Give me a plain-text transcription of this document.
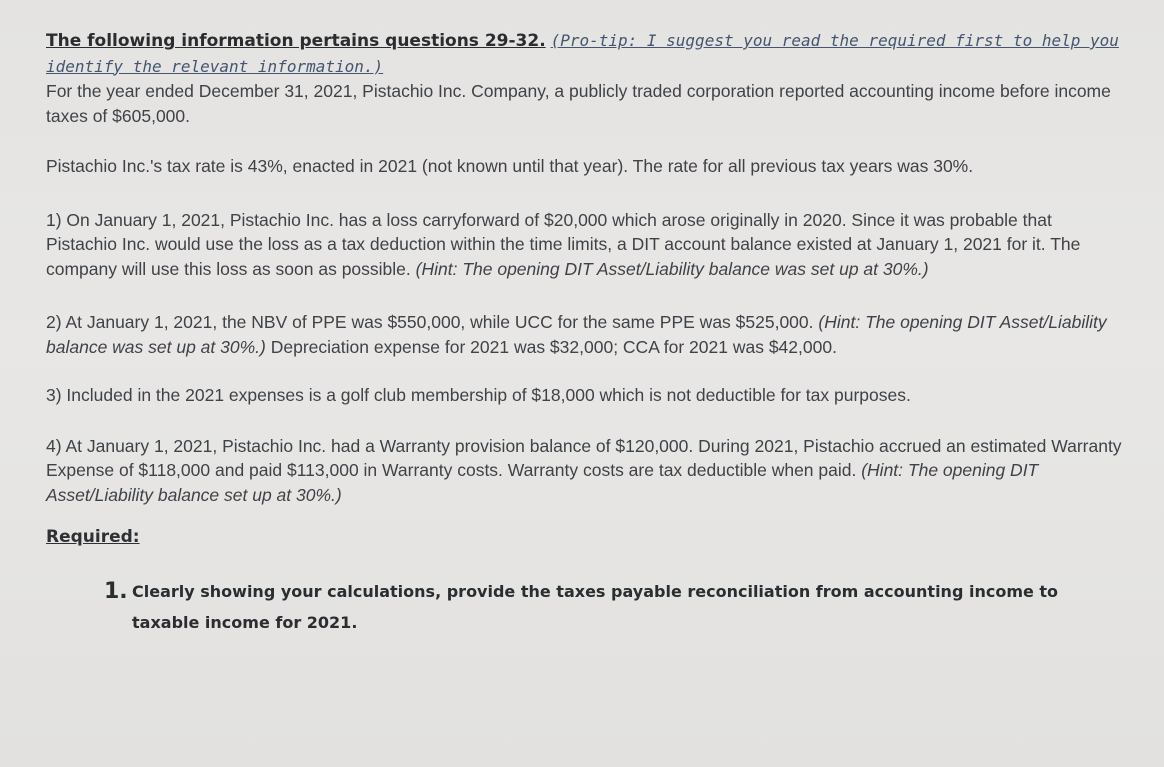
The following information pertains questions 29-32. (Pro-tip: I suggest you read the required first to help you identify the relevant information.)

For the year ended December 31, 2021, Pistachio Inc. Company, a publicly traded corporation reported accounting income before income taxes of $605,000.

Pistachio Inc.'s tax rate is 43%, enacted in 2021 (not known until that year). The rate for all previous tax years was 30%.

1) On January 1, 2021, Pistachio Inc. has a loss carryforward of $20,000 which arose originally in 2020. Since it was probable that Pistachio Inc. would use the loss as a tax deduction within the time limits, a DIT account balance existed at January 1, 2021 for it. The company will use this loss as soon as possible. (Hint: The opening DIT Asset/Liability balance was set up at 30%.)

2) At January 1, 2021, the NBV of PPE was $550,000, while UCC for the same PPE was $525,000. (Hint: The opening DIT Asset/Liability balance was set up at 30%.) Depreciation expense for 2021 was $32,000; CCA for 2021 was $42,000.

3) Included in the 2021 expenses is a golf club membership of $18,000 which is not deductible for tax purposes.

4) At January 1, 2021, Pistachio Inc. had a Warranty provision balance of $120,000. During 2021, Pistachio accrued an estimated Warranty Expense of $118,000 and paid $113,000 in Warranty costs. Warranty costs are tax deductible when paid. (Hint: The opening DIT Asset/Liability balance set up at 30%.)

Required:
1. Clearly showing your calculations, provide the taxes payable reconciliation from accounting income to taxable income for 2021.
